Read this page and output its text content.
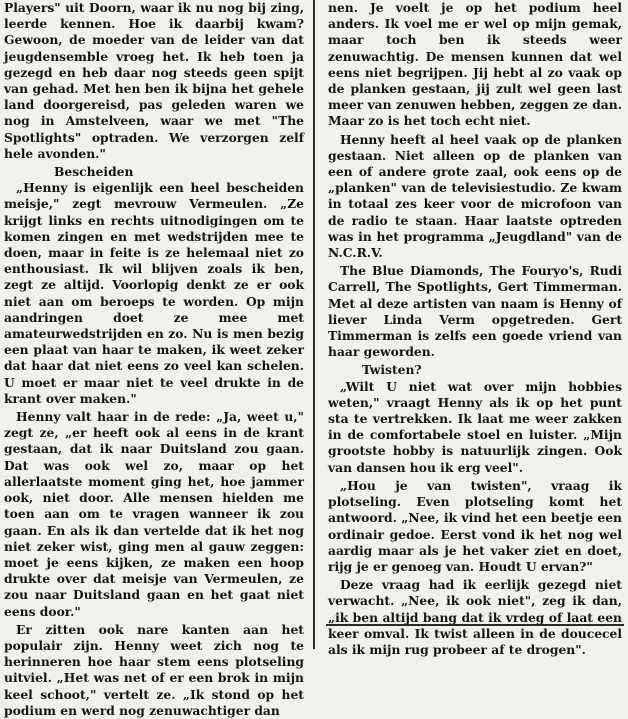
Players" uit Doorn, waar ik nu nog bij zing, leerde kennen. Hoe ik daarbij kwam? Gewoon, de moeder van de leider van dat jeugdensemble vroeg het. Ik heb toen ja gezegd en heb daar nog steeds geen spijt van gehad. Met hen ben ik bijna het gehele land doorgereisd, pas geleden waren we nog in Amstelveen, waar we met "The Spotlights" optraden. We verzorgen zelf hele avonden."

Bescheiden

„Henny is eigenlijk een heel bescheiden meisje," zegt mevrouw Vermeulen. „Ze krijgt links en rechts uitnodigingen om te komen zingen en met wedstrijden mee te doen, maar in feite is ze helemaal niet zo enthousiast. Ik wil blijven zoals ik ben, zegt ze altijd. Voorlopig denkt ze er ook niet aan om beroeps te worden. Op mijn aandringen doet ze mee met amateurwedstrijden en zo. Nu is men bezig een plaat van haar te maken, ik weet zeker dat haar dat niet eens zo veel kan schelen. U moet er maar niet te veel drukte in de krant over maken."

Henny valt haar in de rede: „Ja, weet u," zegt ze, „er heeft ook al eens in de krant gestaan, dat ik naar Duitsland zou gaan. Dat was ook wel zo, maar op het allerlaatste moment ging het, hoe jammer ook, niet door. Alle mensen hielden me toen aan om te vragen wanneer ik zou gaan. En als ik dan vertelde dat ik het nog niet zeker wist, ging men al gauw zeggen: moet je eens kijken, ze maken een hoop drukte over dat meisje van Vermeulen, ze zou naar Duitsland gaan en het gaat niet eens door."

Er zitten ook nare kanten aan het populair zijn. Henny weet zich nog te herinneren hoe haar stem eens plotseling uitviel. „Het was net of er een brok in mijn keel schoot," vertelt ze. „Ik stond op het podium en werd nog zenuwachtiger dan

nen. Je voelt je op het podium heel anders. Ik voel me er wel op mijn gemak, maar toch ben ik steeds weer zenuwachtig. De mensen kunnen dat wel eens niet begrijpen. Jij hebt al zo vaak op de planken gestaan, jij zult wel geen last meer van zenuwen hebben, zeggen ze dan. Maar zo is het toch echt niet.

Henny heeft al heel vaak op de planken gestaan. Niet alleen op de planken van een of andere grote zaal, ook eens op de „planken" van de televisiestudio. Ze kwam in totaal zes keer voor de microfoon van de radio te staan. Haar laatste optreden was in het programma „Jeugdland" van de N.C.R.V.

The Blue Diamonds, The Fouryo's, Rudi Carrell, The Spotlights, Gert Timmerman. Met al deze artisten van naam is Henny of liever Linda Verm opgetreden. Gert Timmerman is zelfs een goede vriend van haar geworden.

Twisten?

„Wilt U niet wat over mijn hobbies weten," vraagt Henny als ik op het punt sta te vertrekken. Ik laat me weer zakken in de comfortabele stoel en luister. „Mijn grootste hobby is natuurlijk zingen. Ook van dansen hou ik erg veel".

„Hou je van twisten", vraag ik plotseling. Even plotseling komt het antwoord. „Nee, ik vind het een beetje een ordinair gedoe. Eerst vond ik het nog wel aardig maar als je het vaker ziet en doet, rijg je er genoeg van. Houdt U ervan?"

Deze vraag had ik eerlijk gezegd niet verwacht. „Nee, ik ook niet", zeg ik dan, „ik ben altijd bang dat ik vrdeg of laat een keer omval. Ik twist alleen in de doucecel als ik mijn rug probeer af te drogen".
